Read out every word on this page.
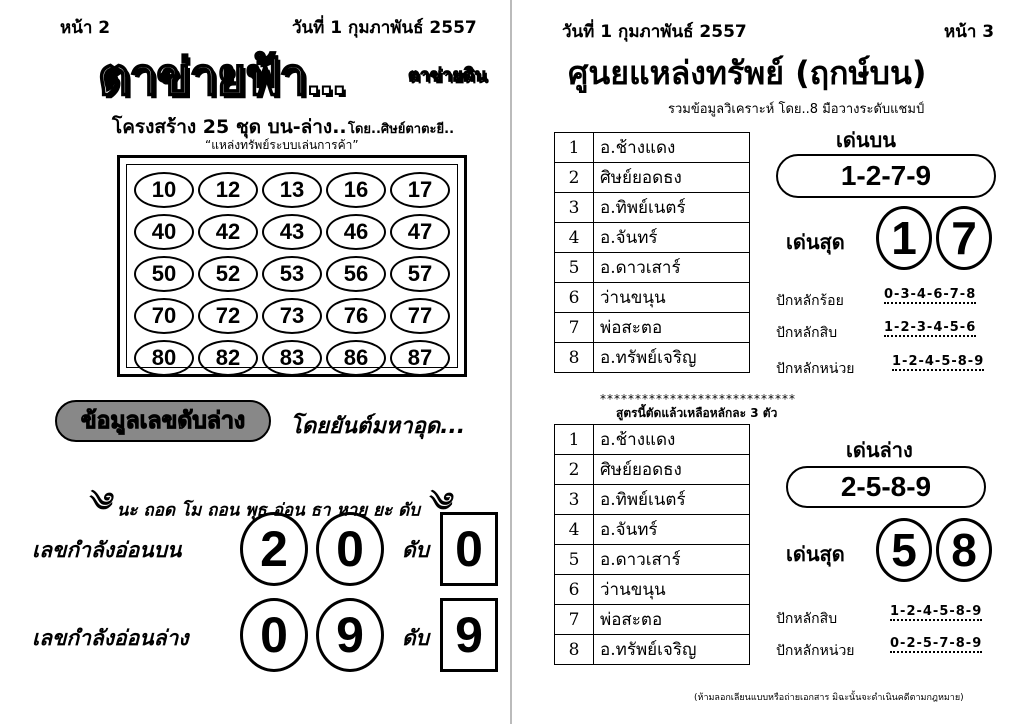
หน้า 2	วันที่ 1 กุมภาพันธ์ 2557
ตาข่ายฟ้า...	ตาข่ายดิน
โครงสร้าง 25 ชุด บน-ล่าง.. โดย..ศิษย์ตาตะยี..
“แหล่งทรัพย์ระบบเล่นการค้า”
10	12	13	16	17
40	42	43	46	47
50	52	53	56	57
70	72	73	76	77
80	82	83	86	87
ข้อมูลเลขดับล่าง	โดยยันต์มหาอุด...
༄ นะ ถอด โม ถอน พุธ อ่อน ธา หาย ยะ ดับ ༄
เลขกำลังอ่อนบน	2 0	ดับ 0
เลขกำลังอ่อนล่าง	0 9	ดับ 9
วันที่ 1 กุมภาพันธ์ 2557	หน้า 3
ศูนยแหล่งทรัพย์ (ฤกษ์บน)
รวมข้อมูลวิเคราะห์ โดย..8 มือวางระดับแชมป์
1	อ.ช้างแดง
2	ศิษย์ยอดธง
3	อ.ทิพย์เนตร์
4	อ.จันทร์
5	อ.ดาวเสาร์
6	ว่านขนุน
7	พ่อสะตอ
8	อ.ทรัพย์เจริญ
เด่นบน
1-2-7-9
เด่นสุด	1 7
ปักหลักร้อย	0-3-4-6-7-8
ปักหลักสิบ	1-2-3-4-5-6
ปักหลักหน่วย	1-2-4-5-8-9
****************************
สูตรนี้ตัดแล้วเหลือหลักละ 3 ตัว
1	อ.ช้างแดง
2	ศิษย์ยอดธง
3	อ.ทิพย์เนตร์
4	อ.จันทร์
5	อ.ดาวเสาร์
6	ว่านขนุน
7	พ่อสะตอ
8	อ.ทรัพย์เจริญ
เด่นล่าง
2-5-8-9
เด่นสุด	5 8
ปักหลักสิบ	1-2-4-5-8-9
ปักหลักหน่วย	0-2-5-7-8-9
(ห้ามลอกเลียนแบบหรือถ่ายเอกสาร มิฉะนั้นจะดำเนินคดีตามกฎหมาย)
